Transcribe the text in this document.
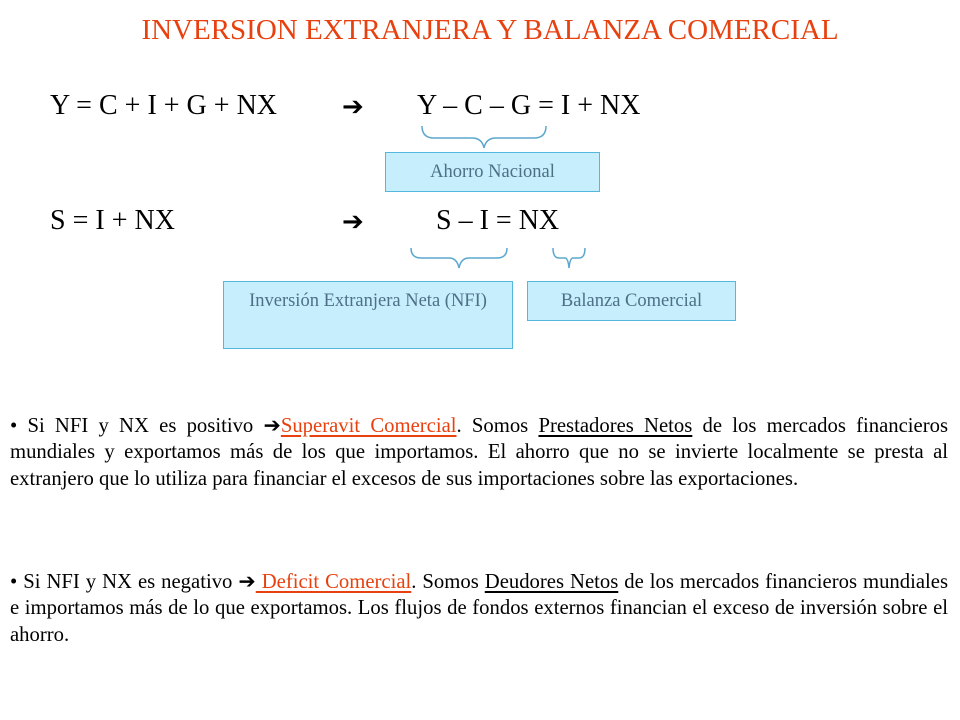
INVERSION EXTRANJERA Y BALANZA COMERCIAL
Y = C + I + G + NX ➔ Y – C – G = I + NX
Ahorro Nacional
S = I + NX	➔	S – I = NX
Inversión Extranjera Neta (NFI)	Balanza Comercial
• Si NFI y NX es positivo ➔Superavit Comercial. Somos Prestadores Netos de los mercados financieros mundiales y exportamos más de los que importamos. El ahorro que no se invierte localmente se presta al extranjero que lo utiliza para financiar el excesos de sus importaciones sobre las exportaciones.
• Si NFI y NX es negativo ➔ Deficit Comercial. Somos Deudores Netos de los mercados financieros mundiales e importamos más de lo que exportamos. Los flujos de fondos externos financian el exceso de inversión sobre el ahorro.
